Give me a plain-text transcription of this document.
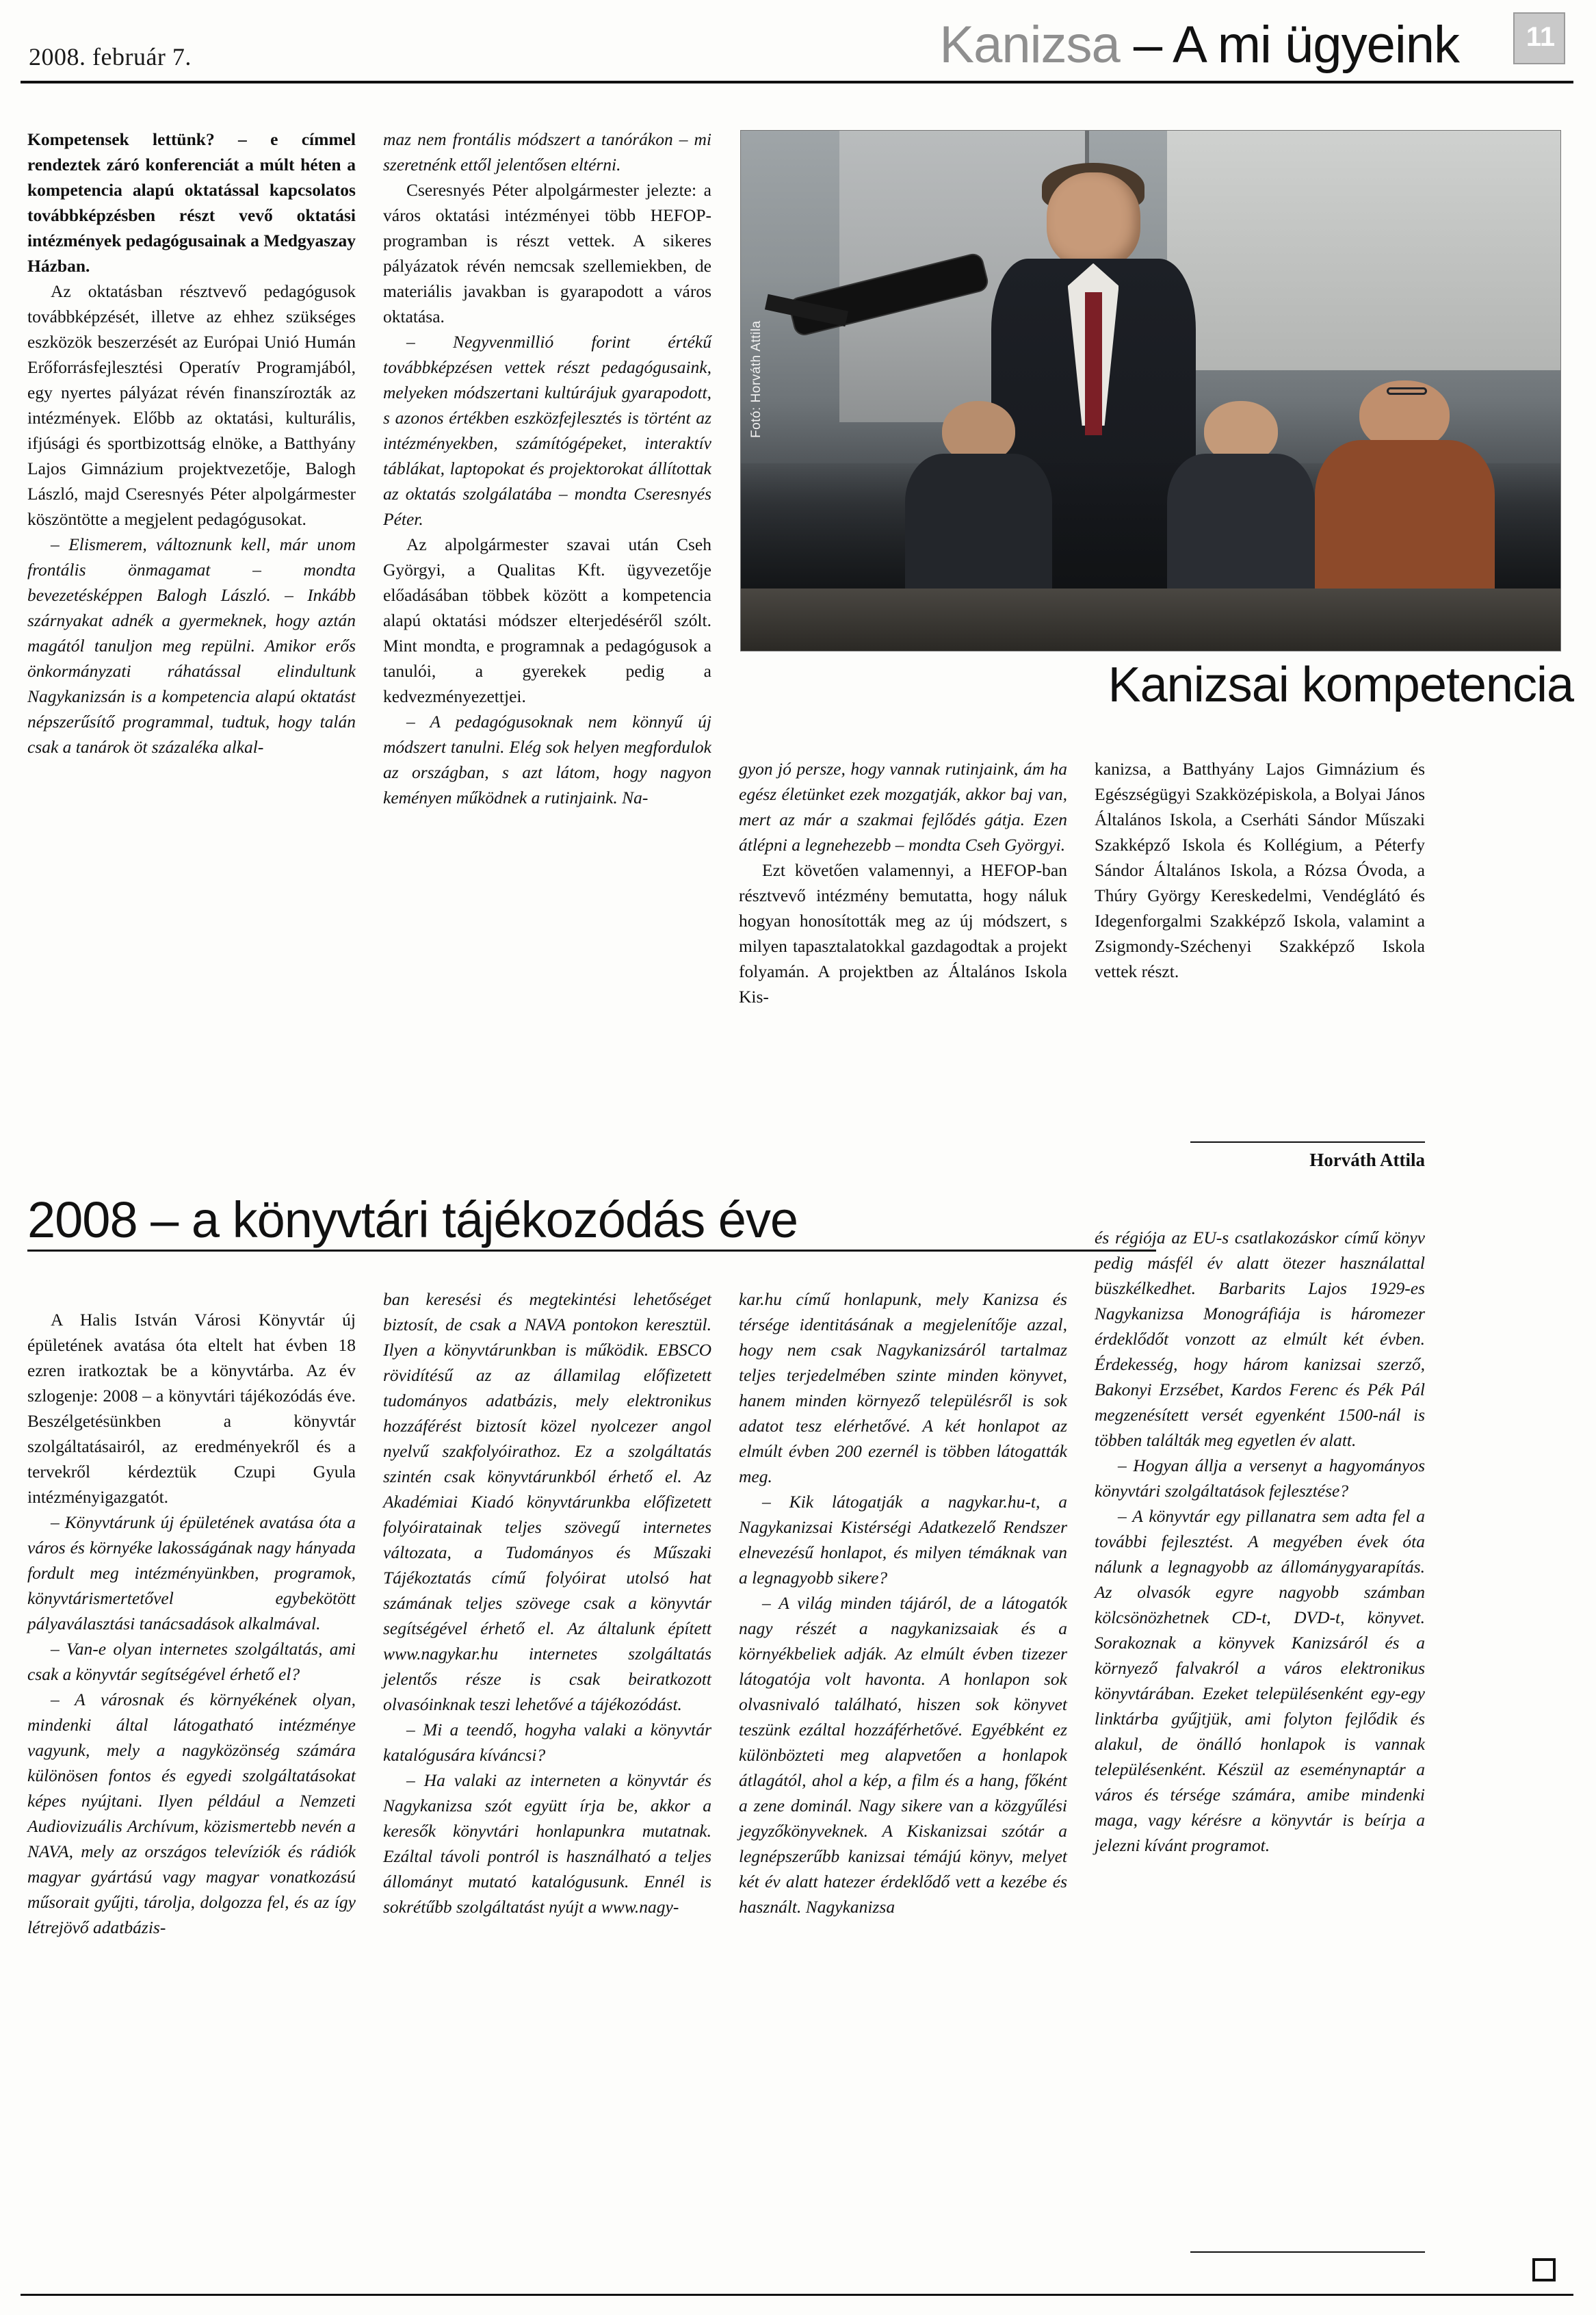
2008. február 7.	Kanizsa – A mi ügyeink	11

Kompetensek lettünk? – e címmel rendeztek záró konferenciát a múlt héten a kompetencia alapú oktatással kapcsolatos továbbképzésben részt vevő oktatási intézmények pedagógusainak a Medgyaszay Házban.

Az oktatásban résztvevő pedagógusok továbbképzését, illetve az ehhez szükséges eszközök beszerzését az Európai Unió Humán Erőforrásfejlesztési Operatív Programjából, egy nyertes pályázat révén finanszírozták az intézmények. Előbb az oktatási, kulturális, ifjúsági és sportbizottság elnöke, a Batthyány Lajos Gimnázium projektvezetője, Balogh László, majd Cseresnyés Péter alpolgármester köszöntötte a megjelent pedagógusokat.

– Elismerem, változnunk kell, már unom frontális önmagamat – mondta bevezetésképpen Balogh László. – Inkább szárnyakat adnék a gyermeknek, hogy aztán magától tanuljon meg repülni. Amikor erős önkormányzati ráhatással elindultunk Nagykanizsán is a kompetencia alapú oktatást népszerűsítő programmal, tudtuk, hogy talán csak a tanárok öt százaléka alkal-

maz nem frontális módszert a tanórákon – mi szeretnénk ettől jelentősen eltérni.

Cseresnyés Péter alpolgármester jelezte: a város oktatási intézményei több HEFOP-programban is részt vettek. A sikeres pályázatok révén nemcsak szellemiekben, de materiális javakban is gyarapodott a város oktatása.

– Negyvenmillió forint értékű továbbképzésen vettek részt pedagógusaink, melyeken módszertani kultúrájuk gyarapodott, s azonos értékben eszközfejlesztés is történt az intézményekben, számítógépeket, interaktív táblákat, laptopokat és projektorokat állítottak az oktatás szolgálatába – mondta Cseresnyés Péter.

Az alpolgármester szavai után Cseh Györgyi, a Qualitas Kft. ügyvezetője előadásában többek között a kompetencia alapú oktatási módszer elterjedéséről szólt. Mint mondta, e programnak a pedagógusok a tanulói, a gyerekek pedig a kedvezményezettjei.

– A pedagógusoknak nem könnyű új módszert tanulni. Elég sok helyen megfordulok az országban, s azt látom, hogy nagyon keményen működnek a rutinjaink. Na-

Fotó: Horváth Attila
Kanizsai kompetencia

gyon jó persze, hogy vannak rutinjaink, ám ha egész életünket ezek mozgatják, akkor baj van, mert az már a szakmai fejlődés gátja. Ezen átlépni a legnehezebb – mondta Cseh Györgyi.

Ezt követően valamennyi, a HEFOP-ban résztvevő intézmény bemutatta, hogy náluk hogyan honosították meg az új módszert, s milyen tapasztalatokkal gazdagodtak a projekt folyamán. A projektben az Általános Iskola Kis-

kanizsa, a Batthyány Lajos Gimnázium és Egészségügyi Szakközépiskola, a Bolyai János Általános Iskola, a Cserháti Sándor Műszaki Szakképző Iskola és Kollégium, a Péterfy Sándor Általános Iskola, a Rózsa Óvoda, a Thúry György Kereskedelmi, Vendéglátó és Idegenforgalmi Szakképző Iskola, valamint a Zsigmondy-Széchenyi Szakképző Iskola vettek részt.

Horváth Attila
2008 – a könyvtári tájékozódás éve

A Halis István Városi Könyvtár új épületének avatása óta eltelt hat évben 18 ezren iratkoztak be a könyvtárba. Az év szlogenje: 2008 – a könyvtári tájékozódás éve. Beszélgetésünkben a könyvtár szolgáltatásairól, az eredményekről és a tervekről kérdeztük Czupi Gyula intézményigazgatót.

– Könyvtárunk új épületének avatása óta a város és környéke lakosságának nagy hányada fordult meg intézményünkben, programok, könyvtárismertetővel egybekötött pályaválasztási tanácsadások alkalmával.

– Van-e olyan internetes szolgáltatás, ami csak a könyvtár segítségével érhető el?

– A városnak és környékének olyan, mindenki által látogatható intézménye vagyunk, mely a nagyközönség számára különösen fontos és egyedi szolgáltatásokat képes nyújtani. Ilyen például a Nemzeti Audiovizuális Archívum, közismertebb nevén a NAVA, mely az országos televíziók és rádiók magyar gyártású vagy magyar vonatkozású műsorait gyűjti, tárolja, dolgozza fel, és az így létrejövő adatbázis-

ban keresési és megtekintési lehetőséget biztosít, de csak a NAVA pontokon keresztül. Ilyen a könyvtárunkban is működik. EBSCO rövidítésű az az államilag előfizetett tudományos adatbázis, mely elektronikus hozzáférést biztosít közel nyolcezer angol nyelvű szakfolyóirathoz. Ez a szolgáltatás szintén csak könyvtárunkból érhető el. Az Akadémiai Kiadó könyvtárunkba előfizetett folyóiratainak teljes szövegű internetes változata, a Tudományos és Műszaki Tájékoztatás című folyóirat utolsó hat számának teljes szövege csak a könyvtár segítségével érhető el. Az általunk épített www.nagykar.hu internetes szolgáltatás jelentős része is csak beiratkozott olvasóinknak teszi lehetővé a tájékozódást.

– Mi a teendő, hogyha valaki a könyvtár katalógusára kíváncsi?

– Ha valaki az interneten a könyvtár és Nagykanizsa szót együtt írja be, akkor a keresők könyvtári honlapunkra mutatnak. Ezáltal távoli pontról is használható a teljes állományt mutató katalógusunk. Ennél is sokrétűbb szolgáltatást nyújt a www.nagy-

kar.hu című honlapunk, mely Kanizsa és térsége identitásának a megjelenítője azzal, hogy nem csak Nagykanizsáról tartalmaz teljes terjedelmében szinte minden könyvet, hanem minden környező településről is sok adatot tesz elérhetővé. A két honlapot az elmúlt évben 200 ezernél is többen látogatták meg.

– Kik látogatják a nagykar.hu-t, a Nagykanizsai Kistérségi Adatkezelő Rendszer elnevezésű honlapot, és milyen témáknak van a legnagyobb sikere?

– A világ minden tájáról, de a látogatók nagy részét a nagykanizsaiak és a környékbeliek adják. Az elmúlt évben tizezer látogatója volt havonta. A honlapon sok olvasnivaló található, hiszen sok könyvet teszünk ezáltal hozzáférhetővé. Egyébként ez különbözteti meg alapvetően a honlapok átlagától, ahol a kép, a film és a hang, főként a zene dominál. Nagy sikere van a közgyűlési jegyzőkönyveknek. A Kiskanizsai szótár a legnépszerűbb kanizsai témájú könyv, melyet két év alatt hatezer érdeklődő vett a kezébe és használt. Nagykanizsa

és régiója az EU-s csatlakozáskor című könyv pedig másfél év alatt ötezer használattal büszkélkedhet. Barbarits Lajos 1929-es Nagykanizsa Monográfiája is háromezer érdeklődőt vonzott az elmúlt két évben. Érdekesség, hogy három kanizsai szerző, Bakonyi Erzsébet, Kardos Ferenc és Pék Pál megzenésített versét egyenként 1500-nál is többen találták meg egyetlen év alatt.

– Hogyan állja a versenyt a hagyományos könyvtári szolgáltatások fejlesztése?

– A könyvtár egy pillanatra sem adta fel a további fejlesztést. A megyében évek óta nálunk a legnagyobb az állománygyarapítás. Az olvasók egyre nagyobb számban kölcsönözhetnek CD-t, DVD-t, könyvet. Sorakoznak a könyvek Kanizsáról és a környező falvakról a város elektronikus könyvtárában. Ezeket településenként egy-egy linktárba gyűjtjük, ami folyton fejlődik és alakul, de önálló honlapok is vannak településenként. Készül az eseménynaptár a város és térsége számára, amibe mindenki maga, vagy kérésre a könyvtár is beírja a jelezni kívánt programot.
